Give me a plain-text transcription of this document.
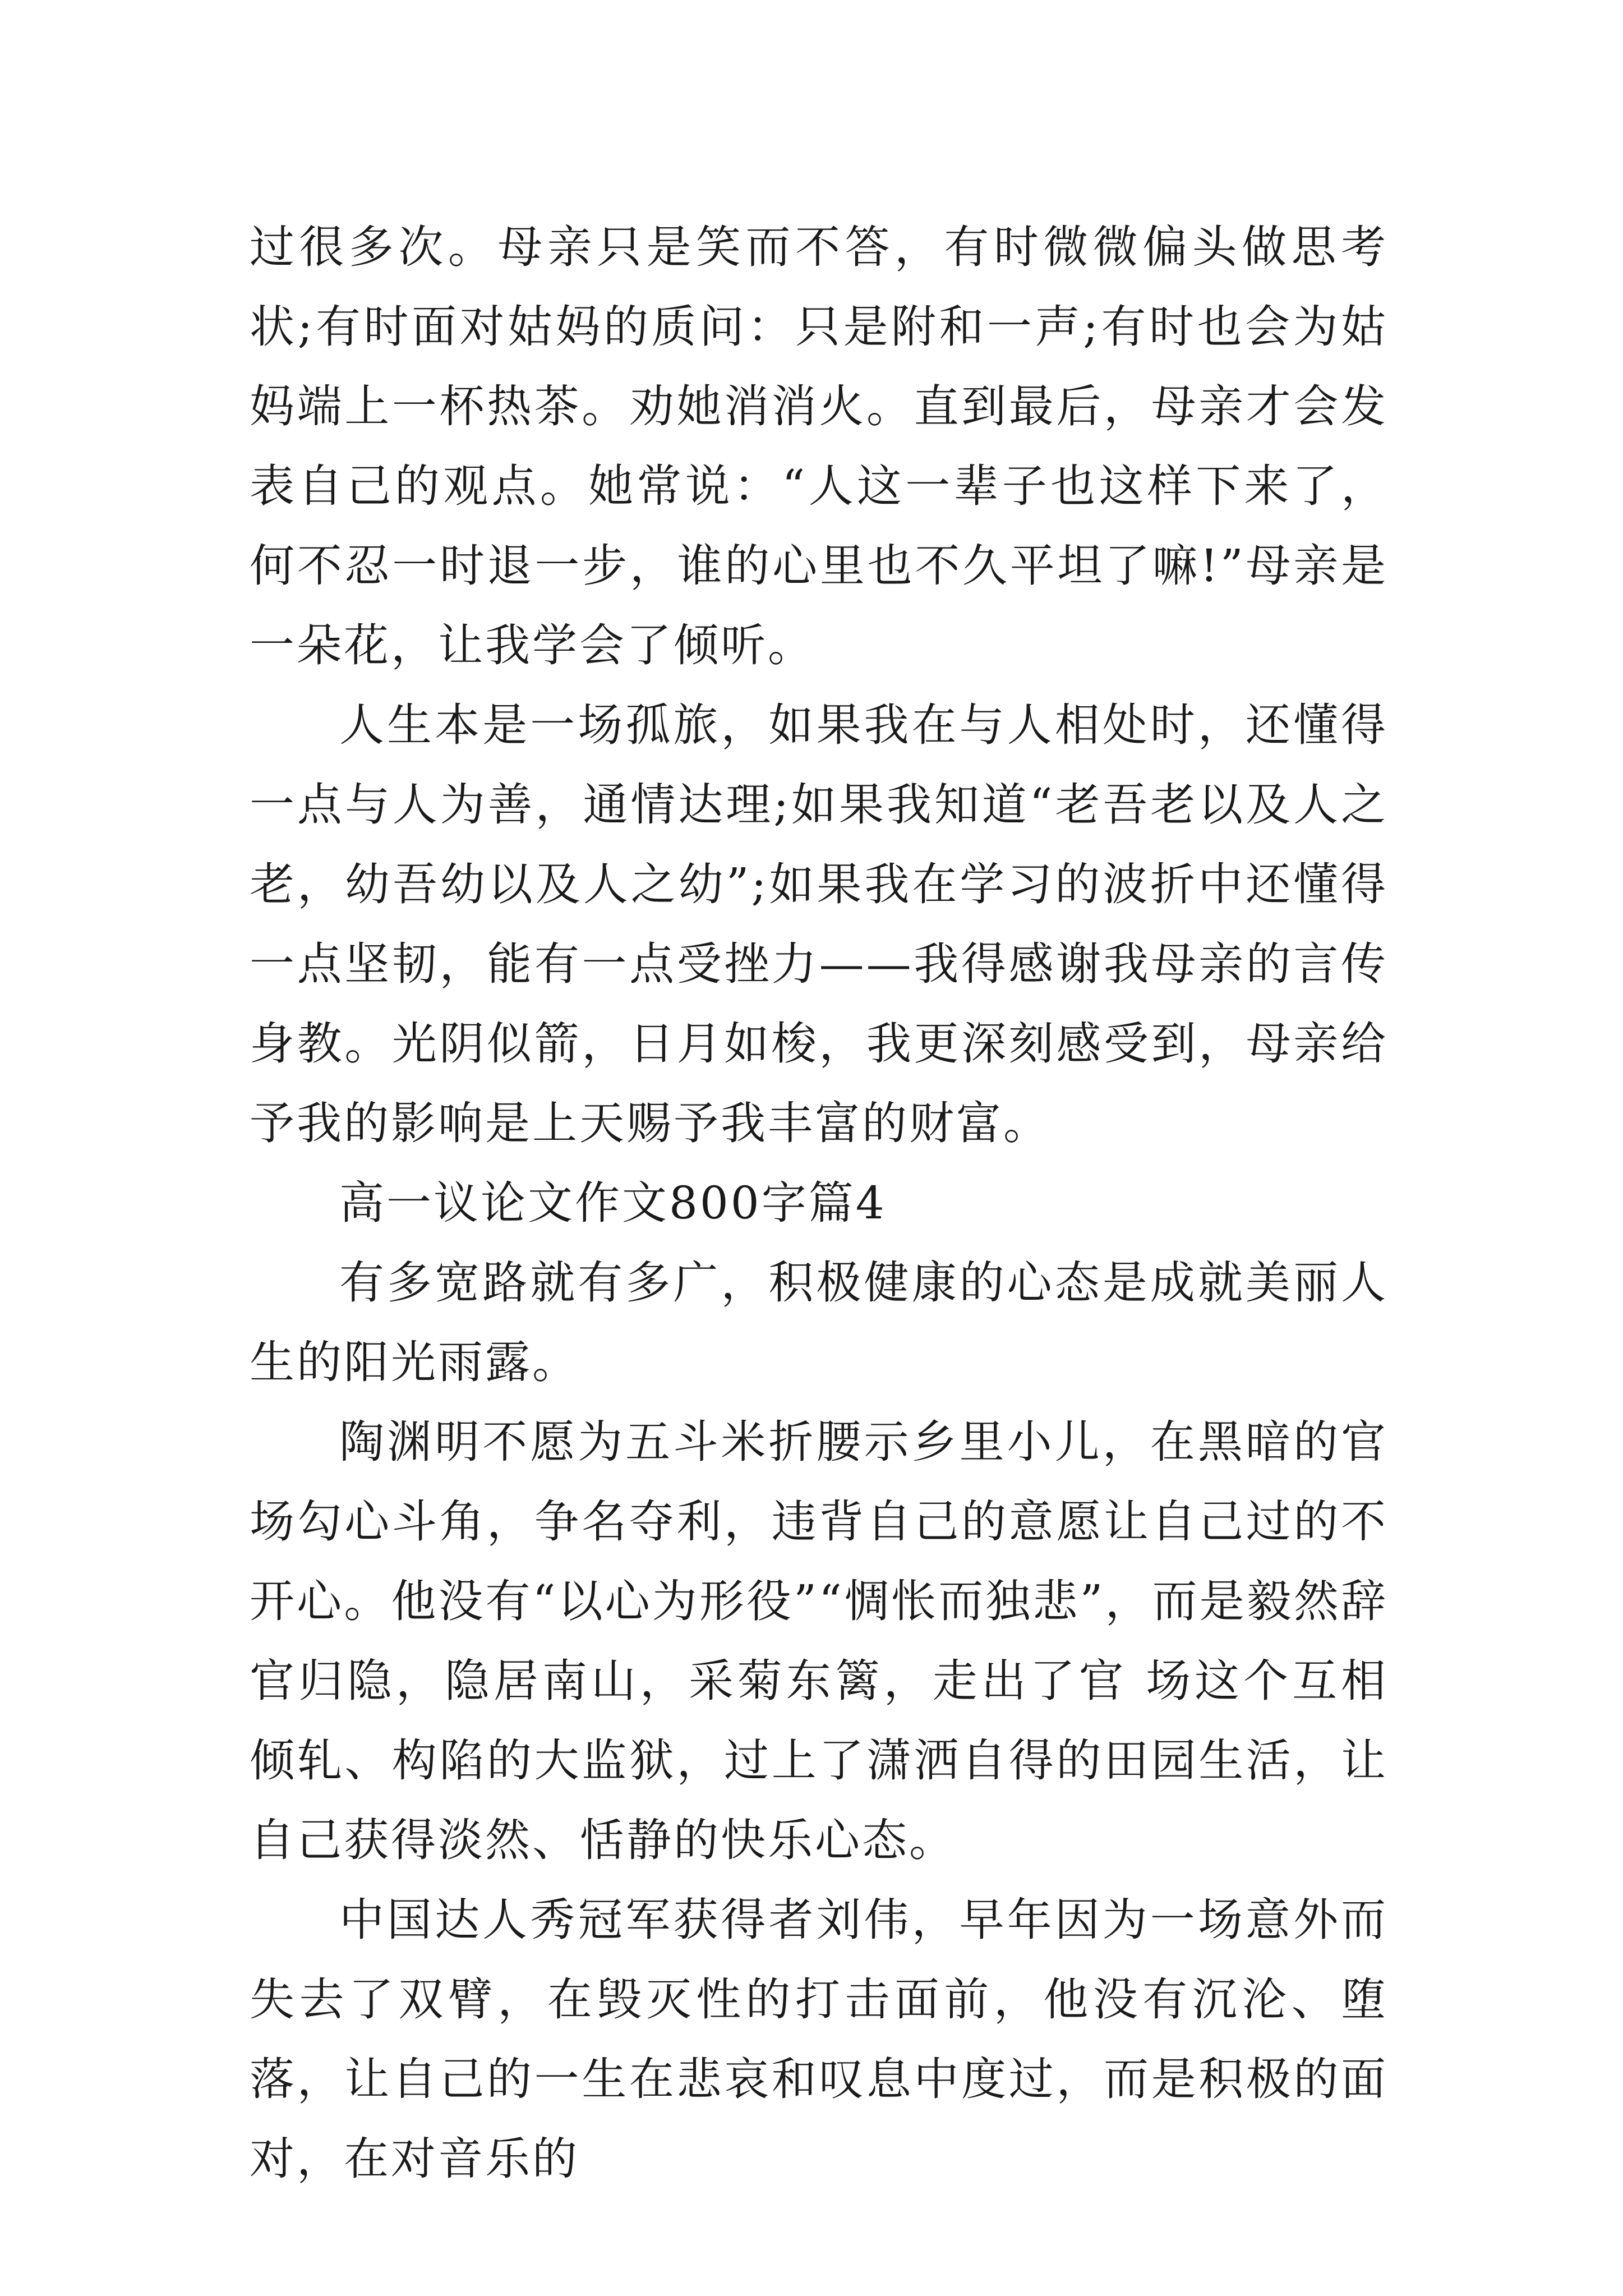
过很多次。母亲只是笑而不答，有时微微偏头做思考状;有时面对姑妈的质问：只是附和一声;有时也会为姑妈端上一杯热茶。劝她消消火。直到最后，母亲才会发表自己的观点。她常说：“人这一辈子也这样下来了，何不忍一时退一步，谁的心里也不久平坦了嘛!”母亲是一朵花，让我学会了倾听。

人生本是一场孤旅，如果我在与人相处时，还懂得一点与人为善，通情达理;如果我知道“老吾老以及人之老，幼吾幼以及人之幼”;如果我在学习的波折中还懂得一点坚韧，能有一点受挫力——我得感谢我母亲的言传身教。光阴似箭，日月如梭，我更深刻感受到，母亲给予我的影响是上天赐予我丰富的财富。

高一议论文作文800字篇4

有多宽路就有多广，积极健康的心态是成就美丽人生的阳光雨露。

陶渊明不愿为五斗米折腰示乡里小儿，在黑暗的官 场勾心斗角，争名夺利，违背自己的意愿让自己过的不开心。他没有“以心为形役”“惆怅而独悲”，而是毅然辞官归隐，隐居南山，采菊东篱，走出了官 场这个互相倾轧、构陷的大监狱，过上了潇洒自得的田园生活，让自己获得淡然、恬静的快乐心态。

中国达人秀冠军获得者刘伟，早年因为一场意外而失去了双臂，在毁灭性的打击面前，他没有沉沦、堕落，让自己的一生在悲哀和叹息中度过，而是积极的面对，在对音乐的
